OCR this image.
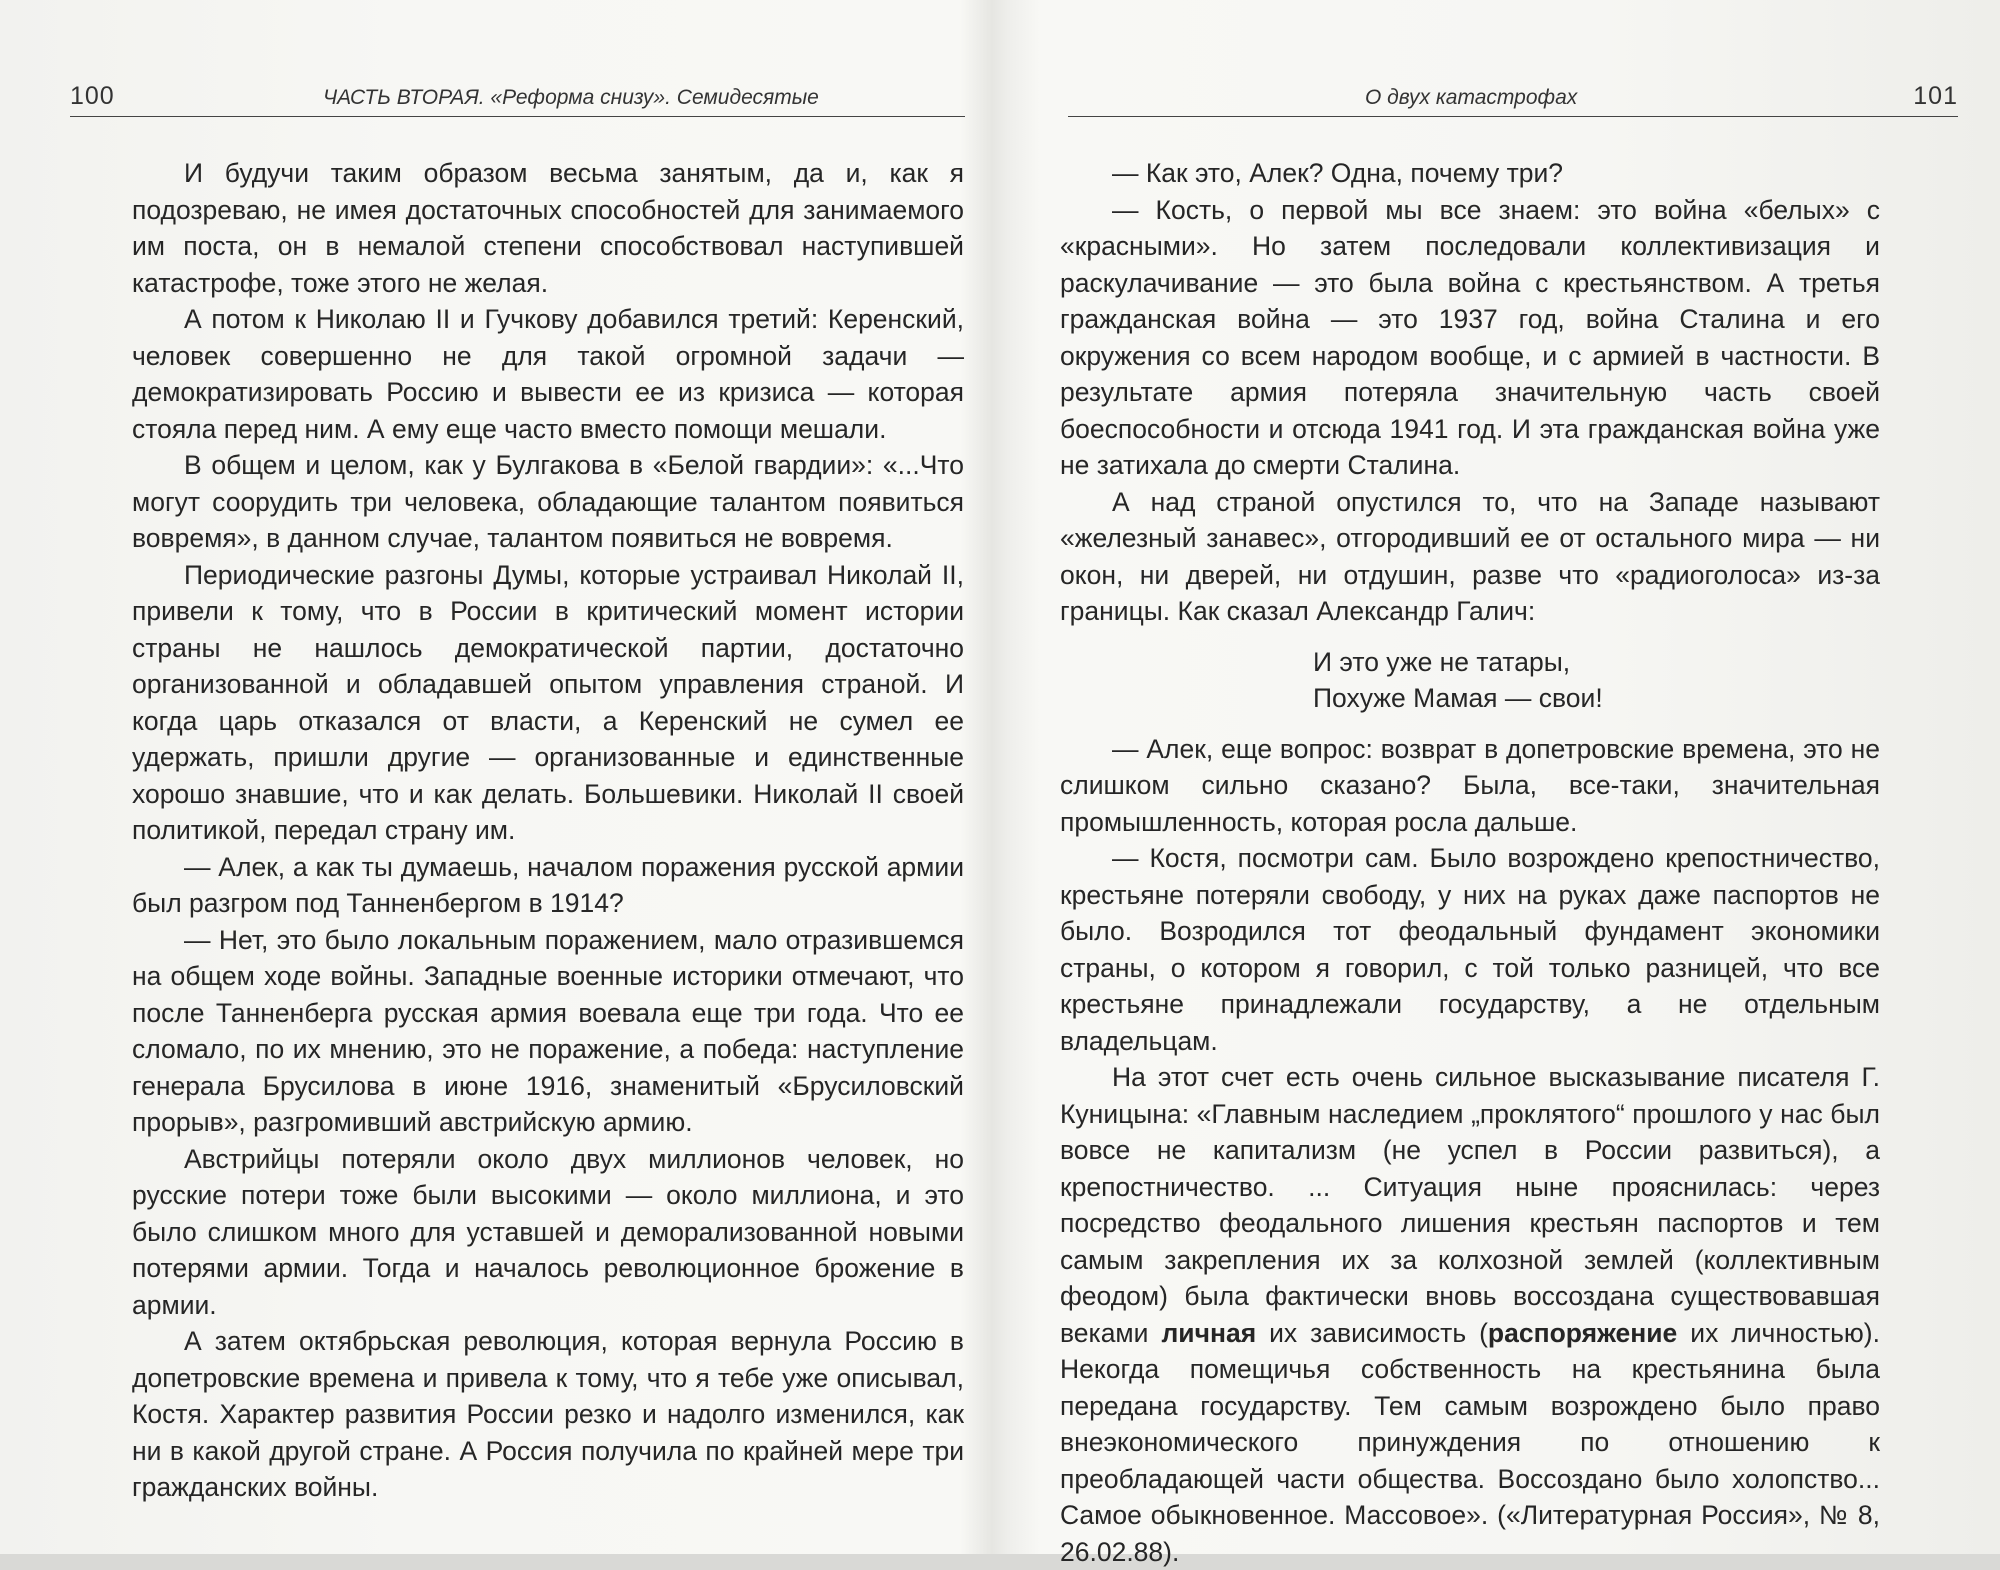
100	ЧАСТЬ ВТОРАЯ. «Реформа снизу». Семидесятые

И будучи таким образом весьма занятым, да и, как я подозреваю, не имея достаточных способностей для занимаемого им поста, он в немалой степени способствовал наступившей катастрофе, тоже этого не желая.

А потом к Николаю II и Гучкову добавился третий: Керенский, человек совершенно не для такой огромной задачи — демократизировать Россию и вывести ее из кризиса — которая стояла перед ним. А ему еще часто вместо помощи мешали.

В общем и целом, как у Булгакова в «Белой гвардии»: «...Что могут соорудить три человека, обладающие талантом появиться вовремя», в данном случае, талантом появиться не вовремя.

Периодические разгоны Думы, которые устраивал Николай II, привели к тому, что в России в критический момент истории страны не нашлось демократической партии, достаточно организованной и обладавшей опытом управления страной. И когда царь отказался от власти, а Керенский не сумел ее удержать, пришли другие — организованные и единственные хорошо знавшие, что и как делать. Большевики. Николай II своей политикой, передал страну им.

— Алек, а как ты думаешь, началом поражения русской армии был разгром под Танненбергом в 1914?

— Нет, это было локальным поражением, мало отразившемся на общем ходе войны. Западные военные историки отмечают, что после Танненберга русская армия воевала еще три года. Что ее сломало, по их мнению, это не поражение, а победа: наступление генерала Брусилова в июне 1916, знаменитый «Брусиловский прорыв», разгромивший австрийскую армию.

Австрийцы потеряли около двух миллионов человек, но русские потери тоже были высокими — около миллиона, и это было слишком много для уставшей и деморализованной новыми потерями армии. Тогда и началось революционное брожение в армии.

А затем октябрьская революция, которая вернула Россию в допетровские времена и привела к тому, что я тебе уже описывал, Костя. Характер развития России резко и надолго изменился, как ни в какой другой стране. А Россия получила по крайней мере три гражданских войны.

О двух катастрофах	101

— Как это, Алек? Одна, почему три?

— Кость, о первой мы все знаем: это война «белых» с «красными». Но затем последовали коллективизация и раскулачивание — это была война с крестьянством. А третья гражданская война — это 1937 год, война Сталина и его окружения со всем народом вообще, и с армией в частности. В результате армия потеряла значительную часть своей боеспособности и отсюда 1941 год. И эта гражданская война уже не затихала до смерти Сталина.

А над страной опустился то, что на Западе называют «железный занавес», отгородивший ее от остального мира — ни окон, ни дверей, ни отдушин, разве что «радиоголоса» из-за границы. Как сказал Александр Галич:

И это уже не татары,
Похуже Мамая — свои!

— Алек, еще вопрос: возврат в допетровские времена, это не слишком сильно сказано? Была, все-таки, значительная промышленность, которая росла дальше.

— Костя, посмотри сам. Было возрождено крепостничество, крестьяне потеряли свободу, у них на руках даже паспортов не было. Возродился тот феодальный фундамент экономики страны, о котором я говорил, с той только разницей, что все крестьяне принадлежали государству, а не отдельным владельцам.

На этот счет есть очень сильное высказывание писателя Г. Куницына: «Главным наследием „проклятого“ прошлого у нас был вовсе не капитализм (не успел в России развиться), а крепостничество. ... Ситуация ныне прояснилась: через посредство феодального лишения крестьян паспортов и тем самым закрепления их за колхозной землей (коллективным феодом) была фактически вновь воссоздана существовавшая веками личная их зависимость (распоряжение их личностью). Некогда помещичья собственность на крестьянина была передана государству. Тем самым возрождено было право внеэкономического принуждения по отношению к преобладающей части общества. Воссоздано было холопство... Самое обыкновенное. Массовое». («Литературная Россия», № 8, 26.02.88).
